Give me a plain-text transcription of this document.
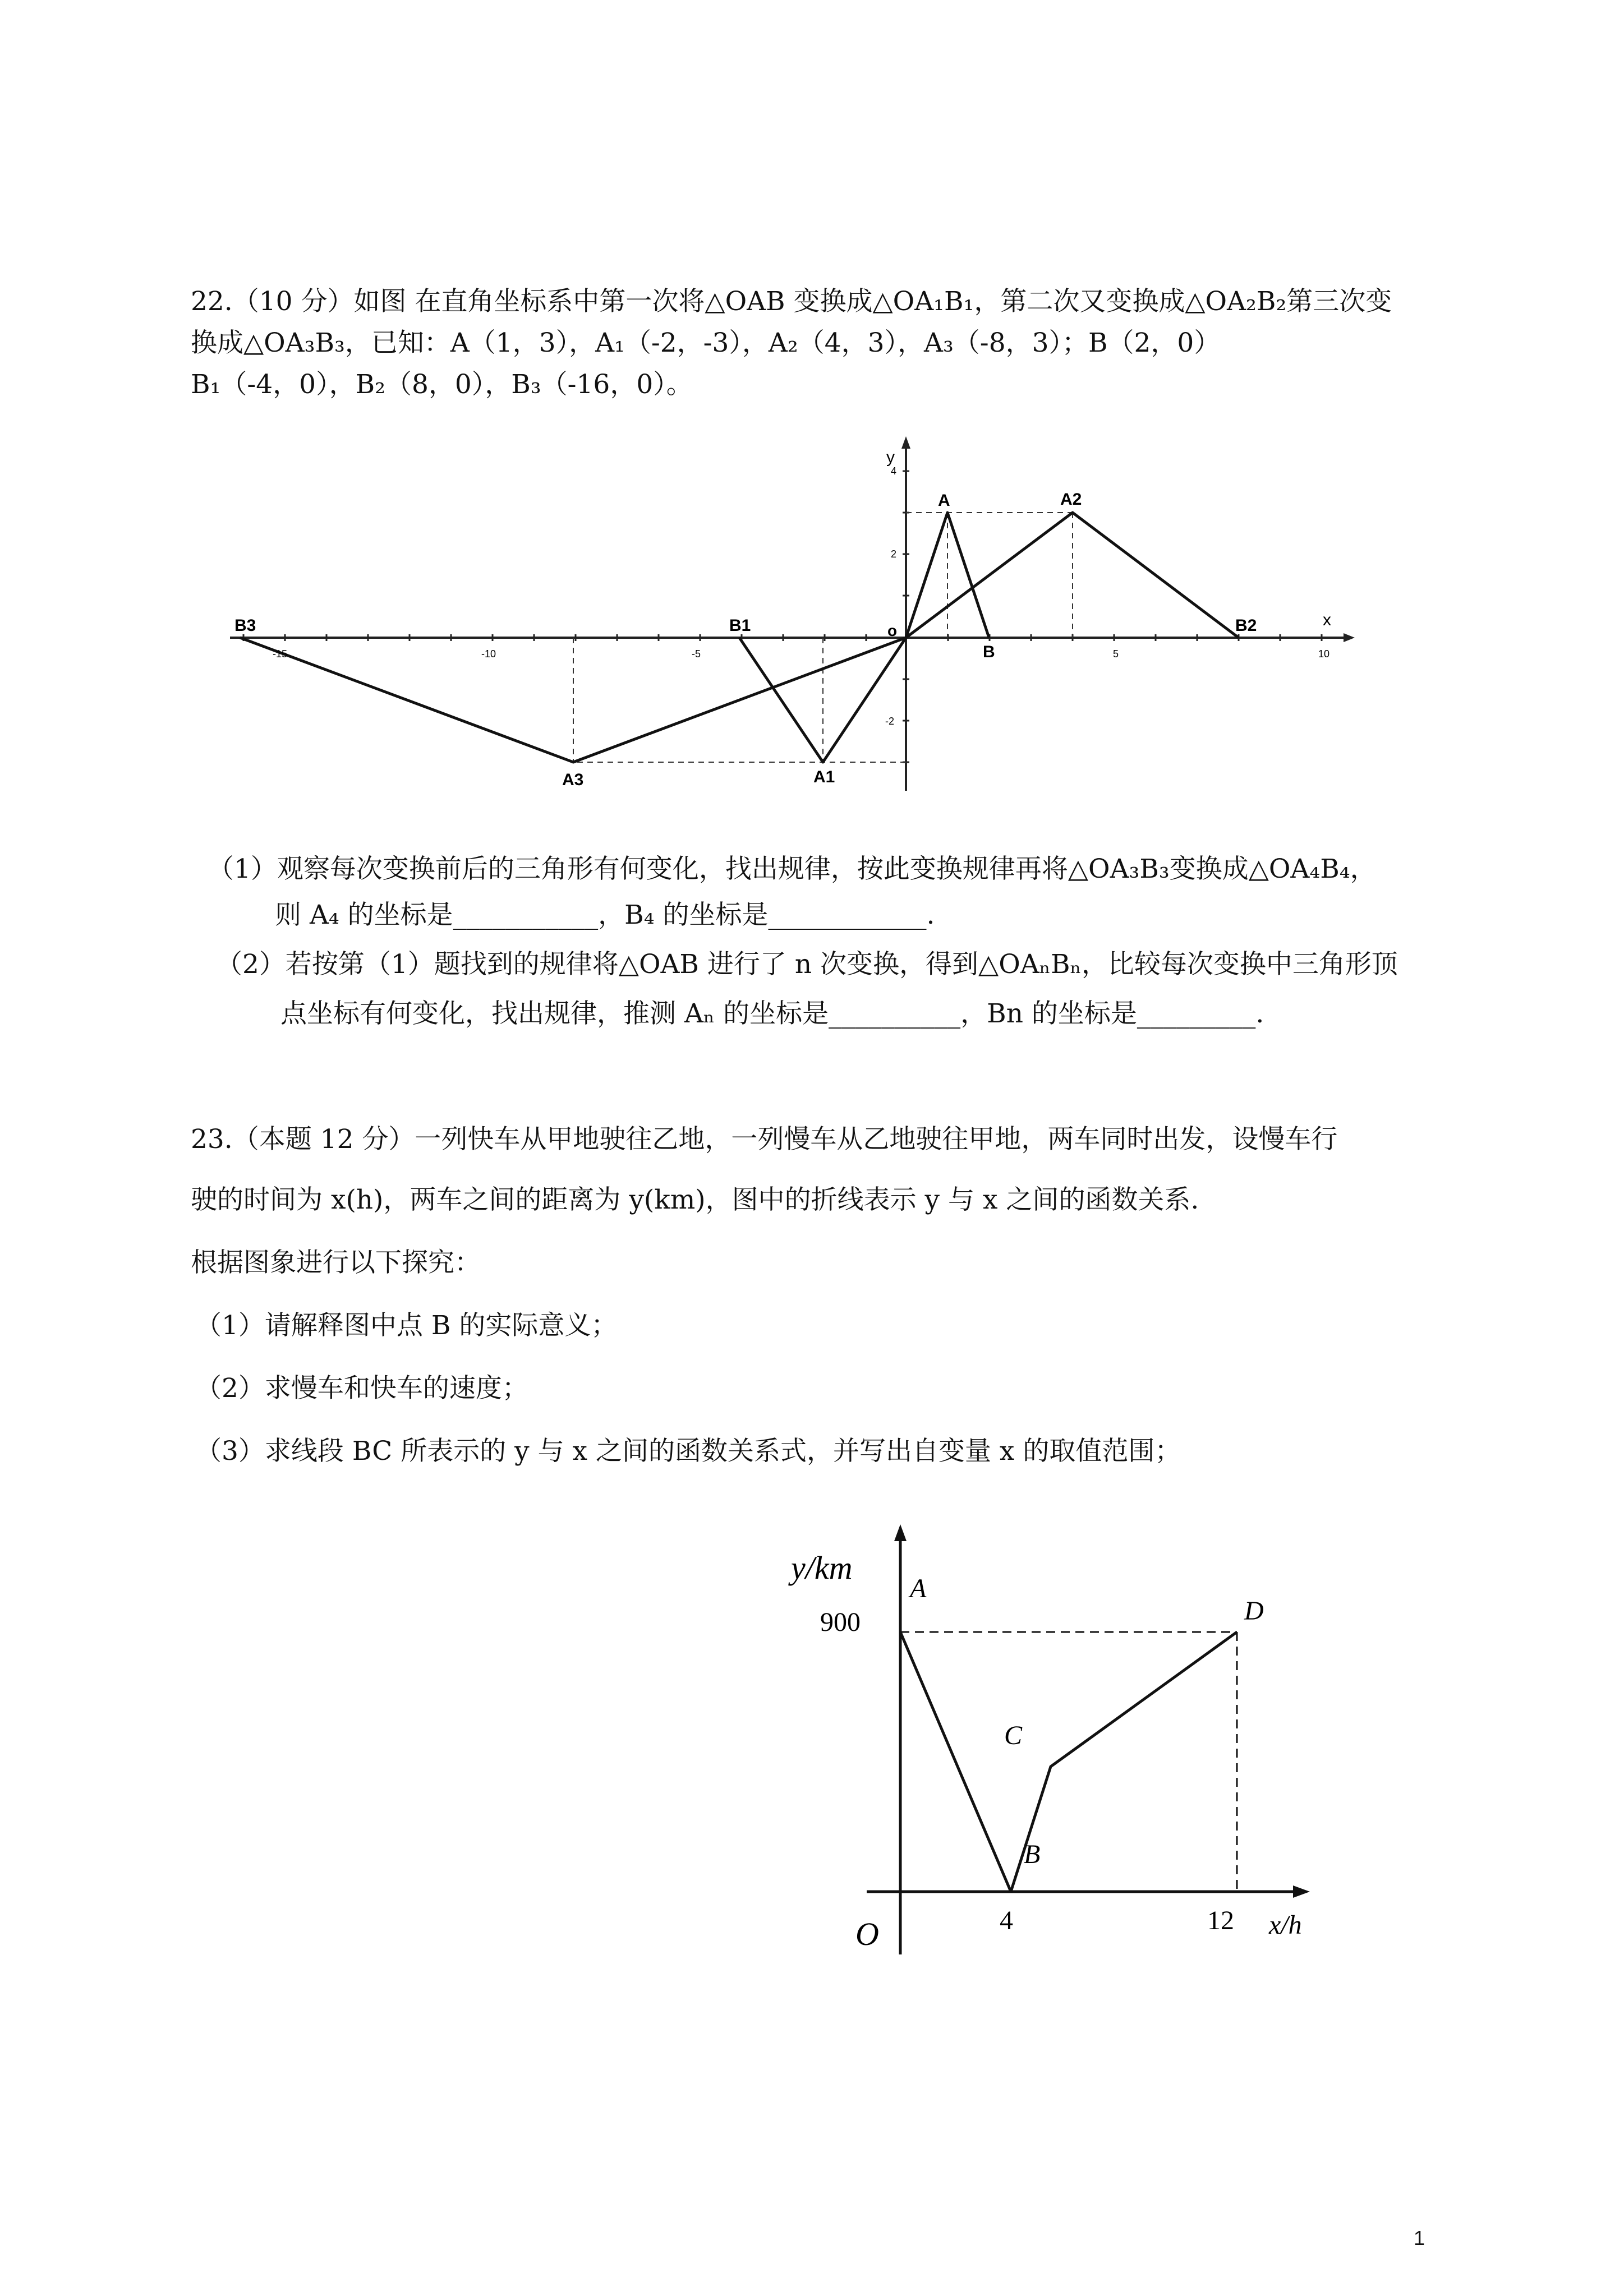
22.（10 分）如图 在直角坐标系中第一次将△OAB 变换成△OA₁B₁，第二次又变换成△OA₂B₂第三次变
换成△OA₃B₃，已知：A（1，3），A₁（-2，-3），A₂（4，3），A₃（-8，3）；B（2，0）
B₁（-4，0），B₂（8，0），B₃（-16，0）。
x
y
o
-15	-10	-5	5	10
4
2
-2
A	A2
B
B1	B2
B3
A1
A3
（1）观察每次变换前后的三角形有何变化，找出规律，按此变换规律再将△OA₃B₃变换成△OA₄B₄，
则 A₄ 的坐标是___________，B₄ 的坐标是____________.
（2）若按第（1）题找到的规律将△OAB 进行了 n 次变换，得到△OAₙBₙ，比较每次变换中三角形顶
点坐标有何变化，找出规律，推测 Aₙ 的坐标是__________，Bn 的坐标是_________.
23.（本题 12 分）一列快车从甲地驶往乙地，一列慢车从乙地驶往甲地，两车同时出发，设慢车行
驶的时间为 x(h)，两车之间的距离为 y(km)，图中的折线表示 y 与 x 之间的函数关系.
根据图象进行以下探究：
（1）请解释图中点 B 的实际意义；
（2）求慢车和快车的速度；
（3）求线段 BC 所表示的 y 与 x 之间的函数关系式，并写出自变量 x 的取值范围；
y/km
x/h
O
900
4	12
A
B
C
D
1
